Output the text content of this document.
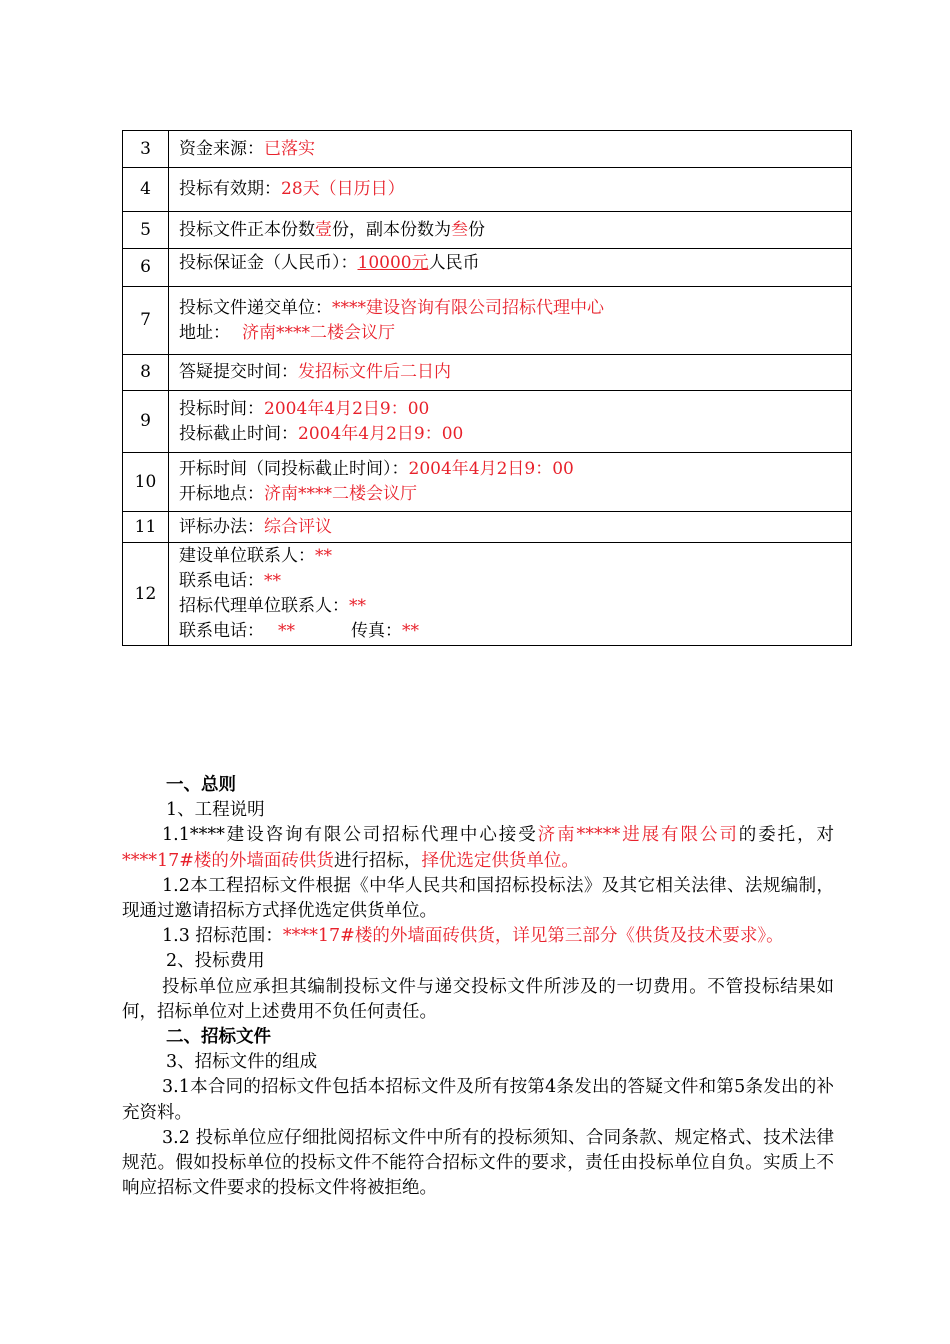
3	资金来源：已落实
4	投标有效期：28天（日历日）
5	投标文件正本份数壹份，副本份数为叁份
6	投标保证金（人民币）：10000元人民币
7	投标文件递交单位：****建设咨询有限公司招标代理中心
地址： 济南****二楼会议厅

8	答疑提交时间：发招标文件后二日内
9	投标时间：2004年4月2日9：00
投标截止时间：2004年4月2日9：00

10	开标时间（同投标截止时间）：2004年4月2日9：00
开标地点：济南****二楼会议厅

11	评标办法：综合评议
12	建设单位联系人：**
联系电话：**
招标代理单位联系人：**
联系电话： ** 传真：**

一、总则

1、工程说明

1.1****建设咨询有限公司招标代理中心接受济南*****进展有限公司的委托，对****17#楼的外墙面砖供货进行招标，择优选定供货单位。

1.2本工程招标文件根据《中华人民共和国招标投标法》及其它相关法律、法规编制，现通过邀请招标方式择优选定供货单位。

1.3 招标范围：****17#楼的外墙面砖供货，详见第三部分《供货及技术要求》。

2、投标费用

投标单位应承担其编制投标文件与递交投标文件所涉及的一切费用。不管投标结果如何，招标单位对上述费用不负任何责任。

二、招标文件

3、招标文件的组成

3.1本合同的招标文件包括本招标文件及所有按第4条发出的答疑文件和第5条发出的补充资料。

3.2 投标单位应仔细批阅招标文件中所有的投标须知、合同条款、规定格式、技术法律规范。假如投标单位的投标文件不能符合招标文件的要求，责任由投标单位自负。实质上不响应招标文件要求的投标文件将被拒绝。
